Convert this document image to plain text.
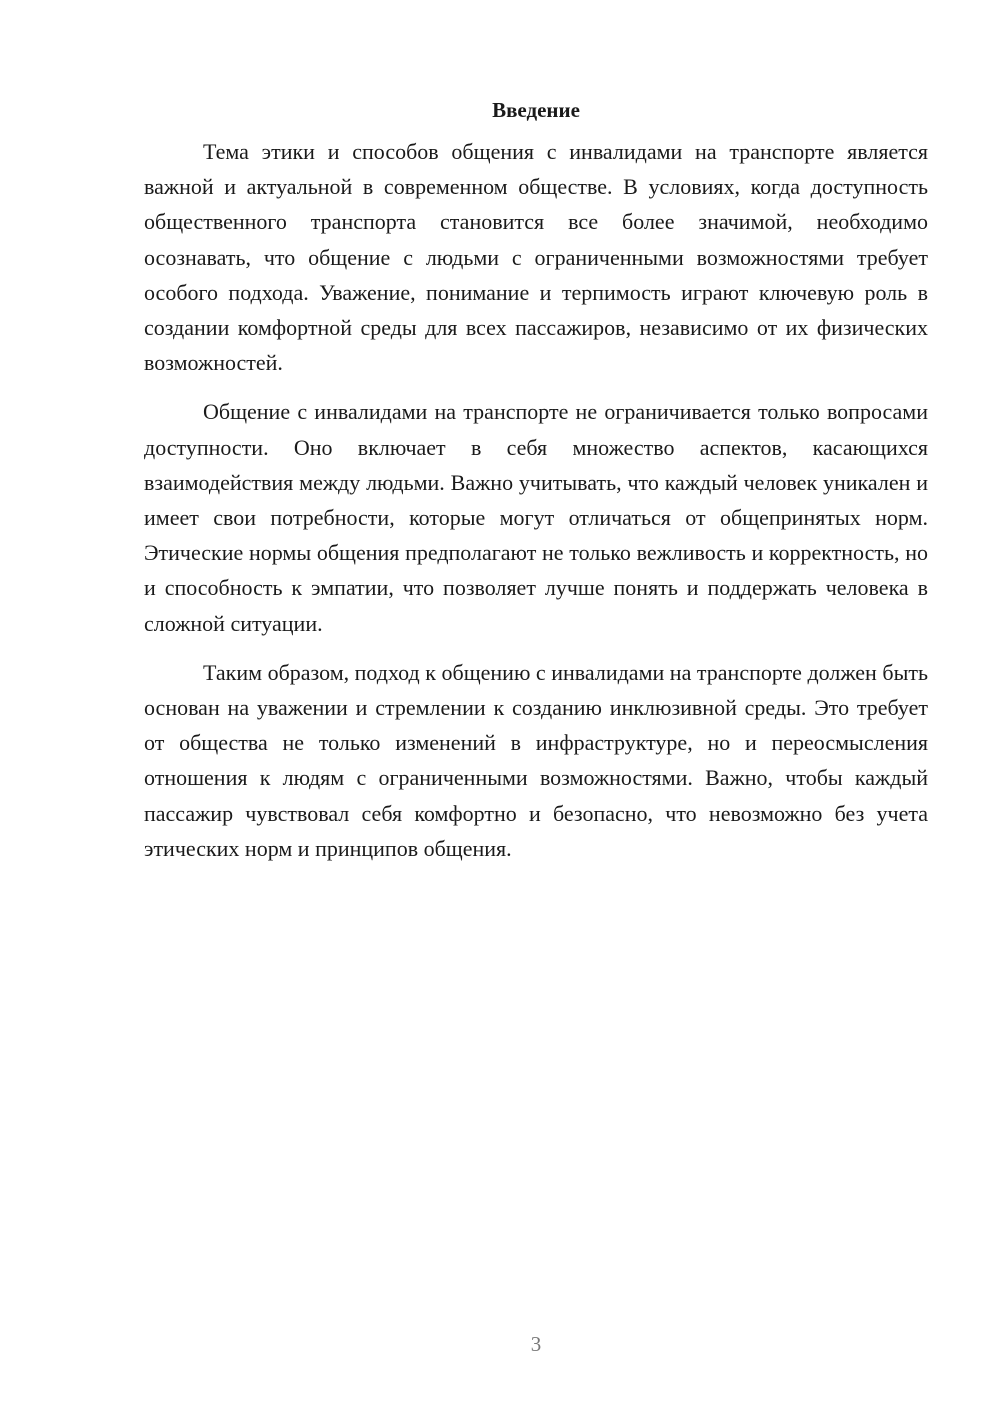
Введение

Тема этики и способов общения с инвалидами на транспорте является важной и актуальной в современном обществе. В условиях, когда доступность общественного транспорта становится все более значимой, необходимо осознавать, что общение с людьми с ограниченными возможностями требует особого подхода. Уважение, понимание и терпимость играют ключевую роль в создании комфортной среды для всех пассажиров, независимо от их физических возможностей.

Общение с инвалидами на транспорте не ограничивается только вопросами доступности. Оно включает в себя множество аспектов, касающихся взаимодействия между людьми. Важно учитывать, что каждый человек уникален и имеет свои потребности, которые могут отличаться от общепринятых норм. Этические нормы общения предполагают не только вежливость и корректность, но и способность к эмпатии, что позволяет лучше понять и поддержать человека в сложной ситуации.

Таким образом, подход к общению с инвалидами на транспорте должен быть основан на уважении и стремлении к созданию инклюзивной среды. Это требует от общества не только изменений в инфраструктуре, но и переосмысления отношения к людям с ограниченными возможностями. Важно, чтобы каждый пассажир чувствовал себя комфортно и безопасно, что невозможно без учета этических норм и принципов общения.

3
